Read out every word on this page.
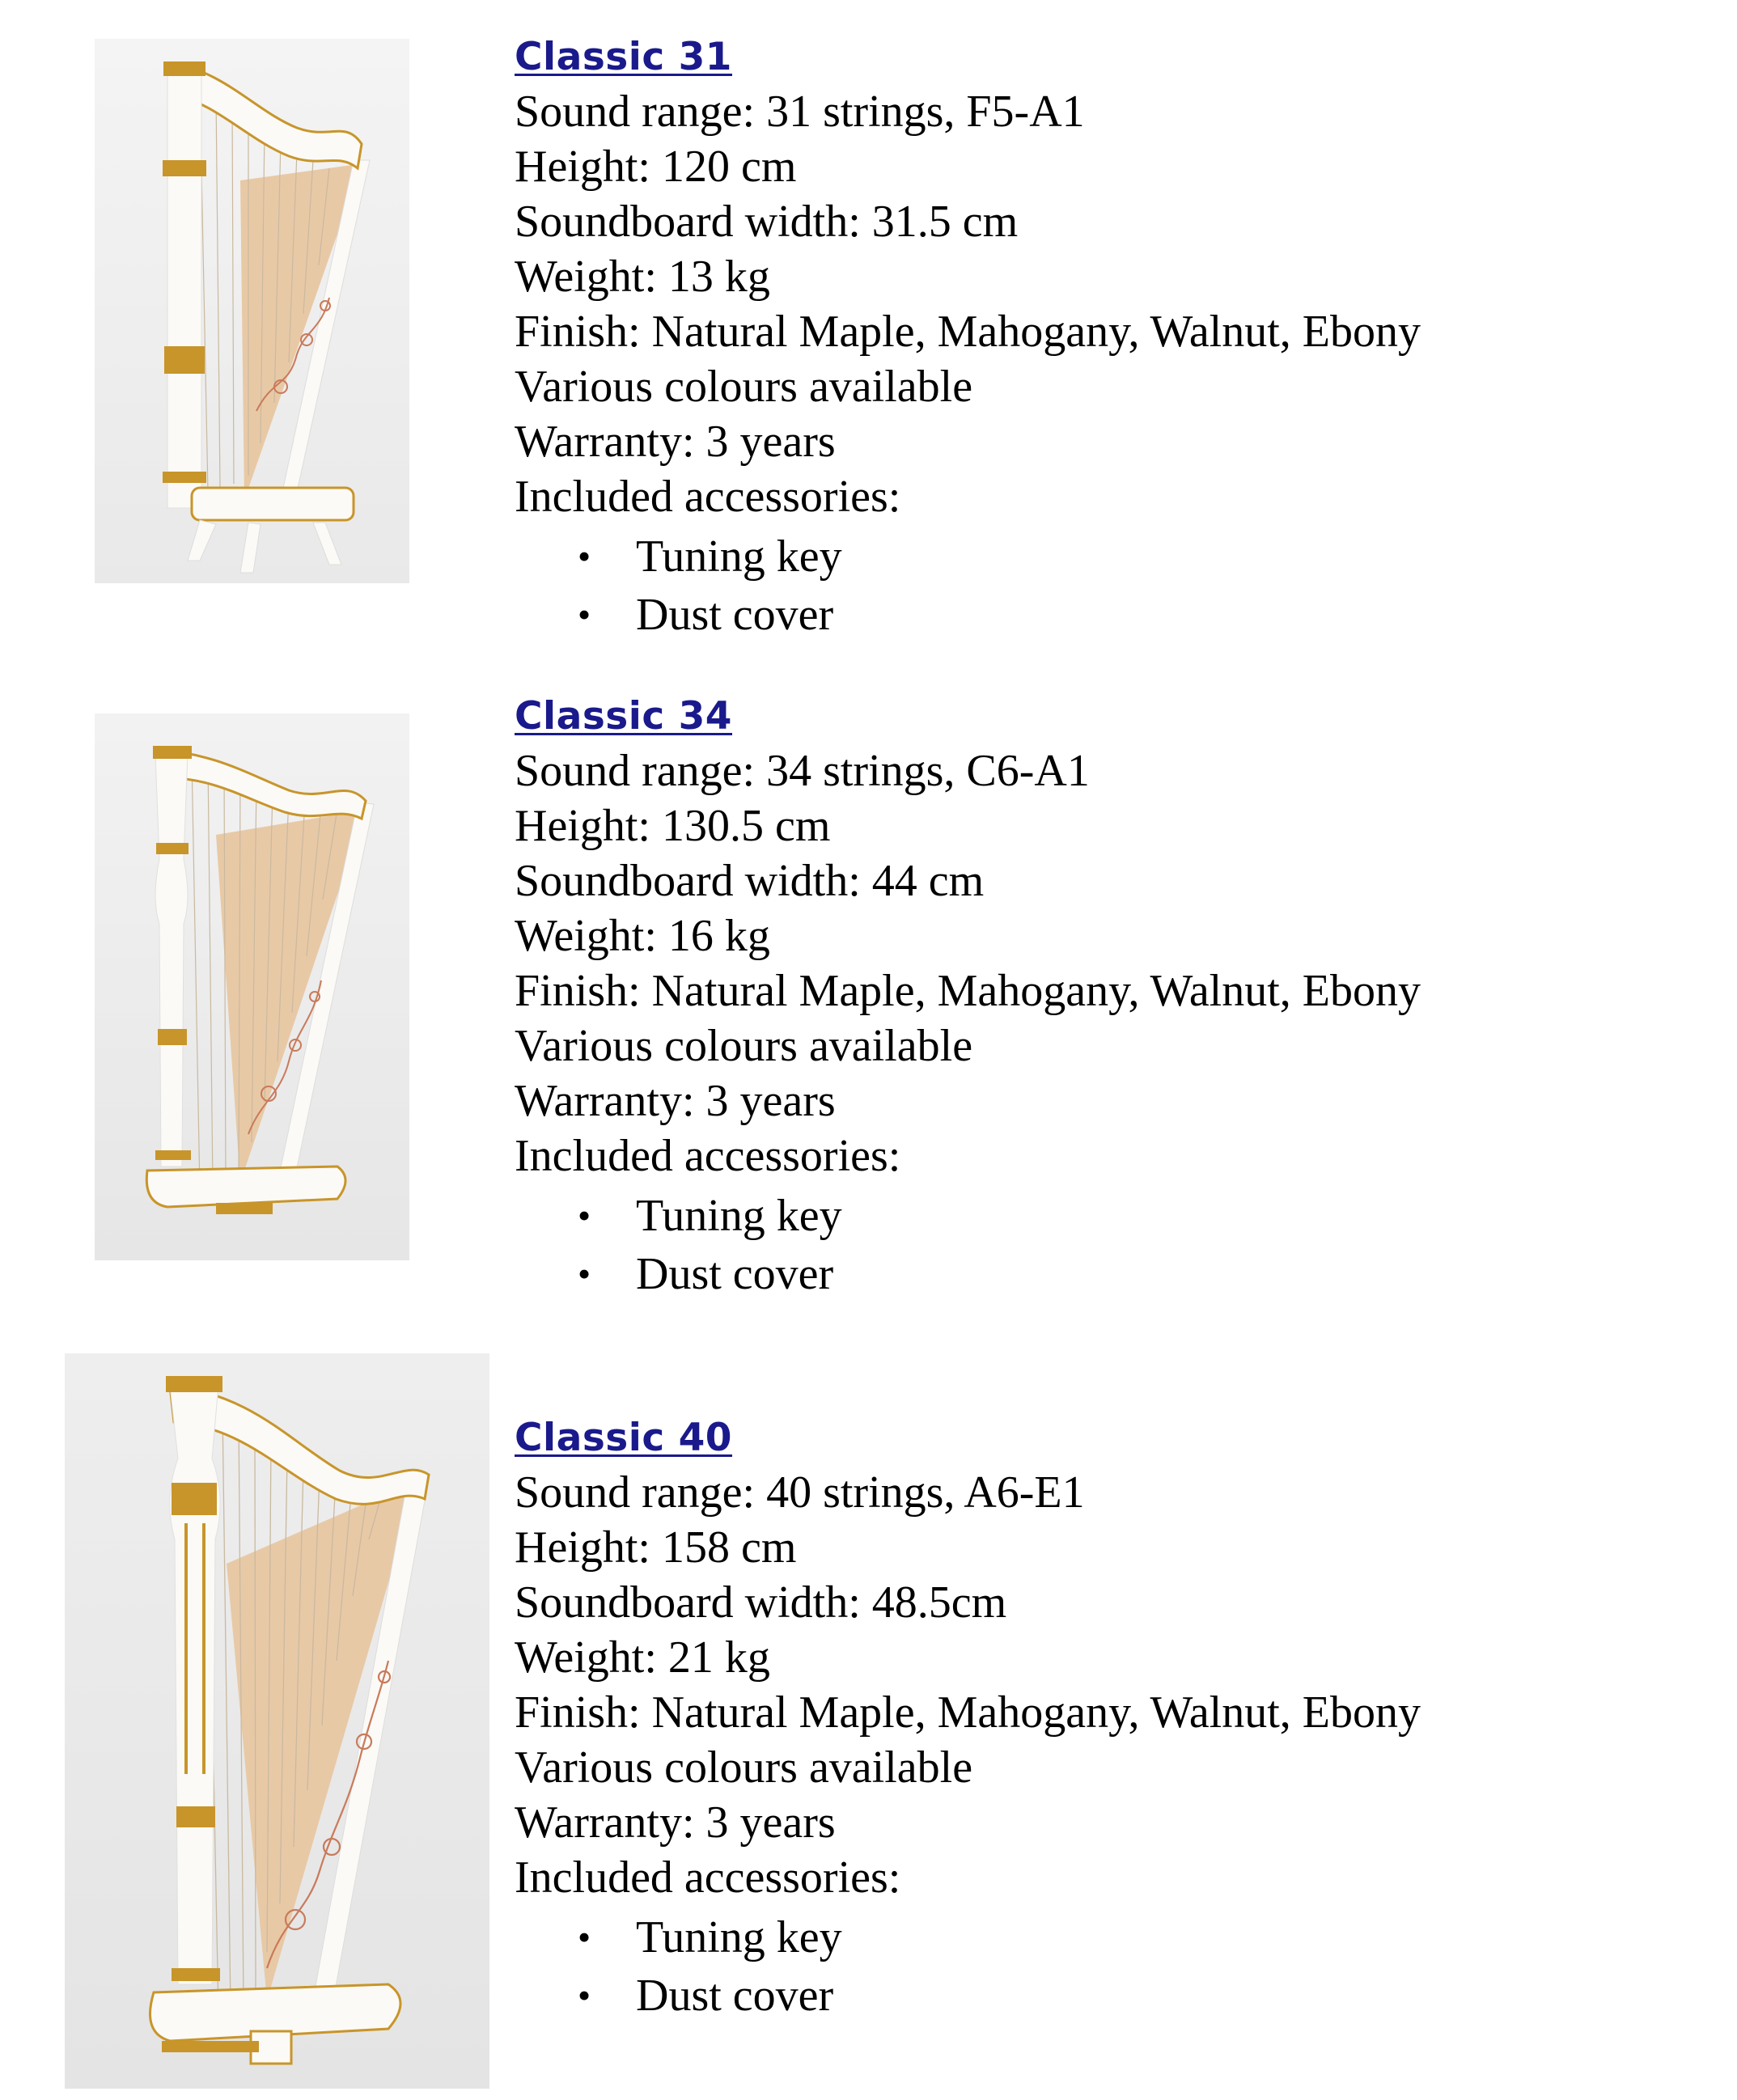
Classic 31
Sound range: 31 strings, F5-A1
Height: 120 cm
Soundboard width: 31.5 cm
Weight: 13 kg
Finish: Natural Maple, Mahogany, Walnut, Ebony
Various colours available
Warranty: 3 years
Included accessories:
• Tuning key
• Dust cover
Classic 34
Sound range: 34 strings, C6-A1
Height: 130.5 cm
Soundboard width: 44 cm
Weight: 16 kg
Finish: Natural Maple, Mahogany, Walnut, Ebony
Various colours available
Warranty: 3 years
Included accessories:
• Tuning key
• Dust cover
Classic 40
Sound range: 40 strings, A6-E1
Height: 158 cm
Soundboard width: 48.5cm
Weight: 21 kg
Finish: Natural Maple, Mahogany, Walnut, Ebony
Various colours available
Warranty: 3 years
Included accessories:
• Tuning key
• Dust cover
